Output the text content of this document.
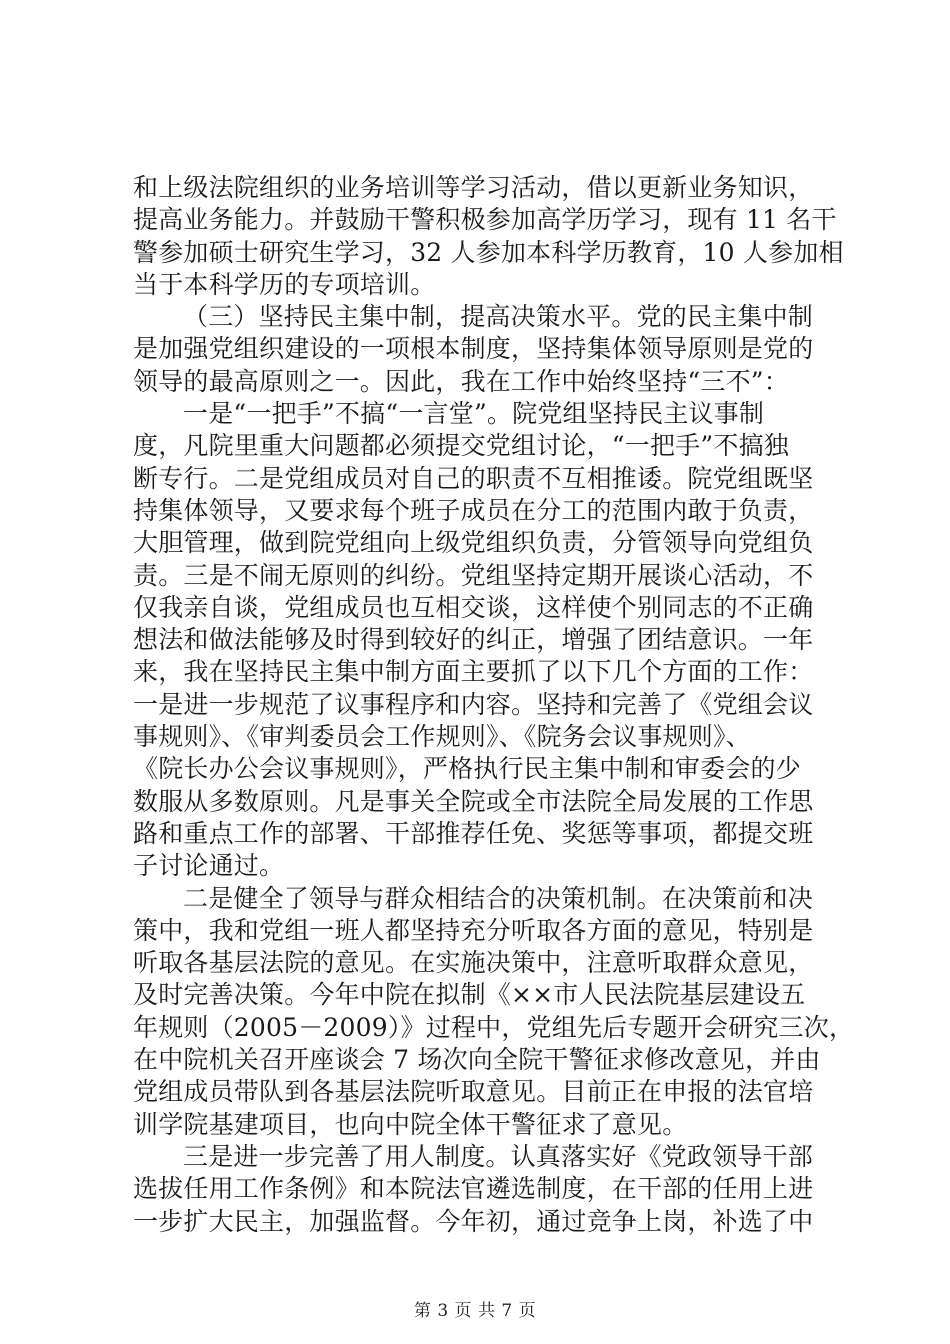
和上级法院组织的业务培训等学习活动，借以更新业务知识，
提高业务能力。并鼓励干警积极参加高学历学习，现有 11 名干
警参加硕士研究生学习，32 人参加本科学历教育，10 人参加相
当于本科学历的专项培训。
（三）坚持民主集中制，提高决策水平。党的民主集中制
是加强党组织建设的一项根本制度，坚持集体领导原则是党的
领导的最高原则之一。因此，我在工作中始终坚持“三不”：
一是“一把手”不搞“一言堂”。院党组坚持民主议事制
度，凡院里重大问题都必须提交党组讨论，“一把手”不搞独
断专行。二是党组成员对自己的职责不互相推诿。院党组既坚
持集体领导，又要求每个班子成员在分工的范围内敢于负责，
大胆管理，做到院党组向上级党组织负责，分管领导向党组负
责。三是不闹无原则的纠纷。党组坚持定期开展谈心活动，不
仅我亲自谈，党组成员也互相交谈，这样使个别同志的不正确
想法和做法能够及时得到较好的纠正，增强了团结意识。一年
来，我在坚持民主集中制方面主要抓了以下几个方面的工作：
一是进一步规范了议事程序和内容。坚持和完善了《党组会议
事规则》、《审判委员会工作规则》、《院务会议事规则》、
《院长办公会议事规则》，严格执行民主集中制和审委会的少
数服从多数原则。凡是事关全院或全市法院全局发展的工作思
路和重点工作的部署、干部推荐任免、奖惩等事项，都提交班
子讨论通过。
二是健全了领导与群众相结合的决策机制。在决策前和决
策中，我和党组一班人都坚持充分听取各方面的意见，特别是
听取各基层法院的意见。在实施决策中，注意听取群众意见，
及时完善决策。今年中院在拟制《××市人民法院基层建设五
年规则（2005－2009）》过程中，党组先后专题开会研究三次，
在中院机关召开座谈会 7 场次向全院干警征求修改意见，并由
党组成员带队到各基层法院听取意见。目前正在申报的法官培
训学院基建项目，也向中院全体干警征求了意见。
三是进一步完善了用人制度。认真落实好《党政领导干部
选拔任用工作条例》和本院法官遴选制度，在干部的任用上进
一步扩大民主，加强监督。今年初，通过竞争上岗，补选了中
第 3 页 共 7 页
